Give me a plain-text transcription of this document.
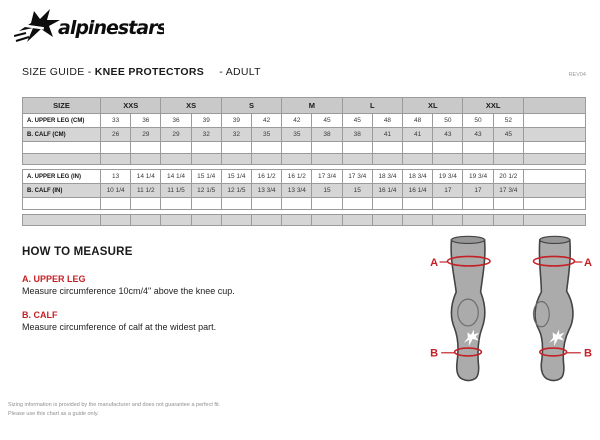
alpinestars
SIZE GUIDE - KNEE PROTECTORS - ADULT	REV04
SIZE	XXS		XS		S		M		L		XL		XXL		
A. UPPER LEG (CM)	33	36	36	39	39	42	42	45	45	48	48	50	50	52	
B. CALF (CM)	26	29	29	32	32	35	35	38	38	41	41	43	43	45	

A. UPPER LEG (IN)	13	14 1/4	14 1/4	15 1/4	15 1/4	16 1/2	16 1/2	17 3/4	17 3/4	18 3/4	18 3/4	19 3/4	19 3/4	20 1/2	
B. CALF (IN)	10 1/4	11 1/2	11 1/5	12 1/5	12 1/5	13 3/4	13 3/4	15	15	16 1/4	16 1/4	17	17	17 3/4	

HOW TO MEASURE

A. UPPER LEG

Measure circumference 10cm/4" above the knee cup.

B. CALF

Measure circumference of calf at the widest part.

A
B
A
B
Sizing information is provided by the manufacturer and does not guarantee a perfect fit.
Please use this chart as a guide only.
